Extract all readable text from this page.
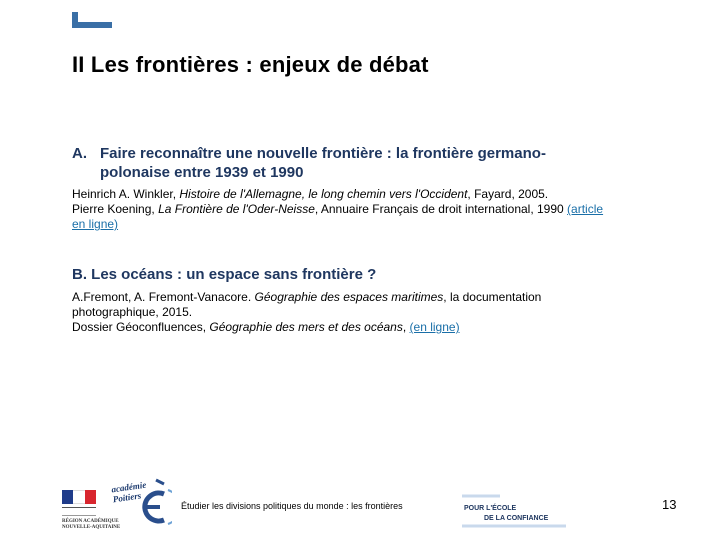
II Les frontières : enjeux de débat
A. Faire reconnaître une nouvelle frontière : la frontière germano-
polonaise entre 1939 et 1990

Heinrich A. Winkler, Histoire de l'Allemagne, le long chemin vers l'Occident, Fayard, 2005.

Pierre Koening, La Frontière de l'Oder-Neisse, Annuaire Français de droit international, 1990 (article
en ligne)

B. Les océans : un espace sans frontière ?

A.Fremont, A. Fremont-Vanacore. Géographie des espaces maritimes, la documentation
photographique, 2015.

Dossier Géoconfluences, Géographie des mers et des océans, (en ligne)

RÉGION ACADÉMIQUE
NOUVELLE-AQUITAINE
académie
Poitiers
Étudier les divisions politiques du monde : les frontières	POUR L'ÉCOLE
DE LA CONFIANCE
13
